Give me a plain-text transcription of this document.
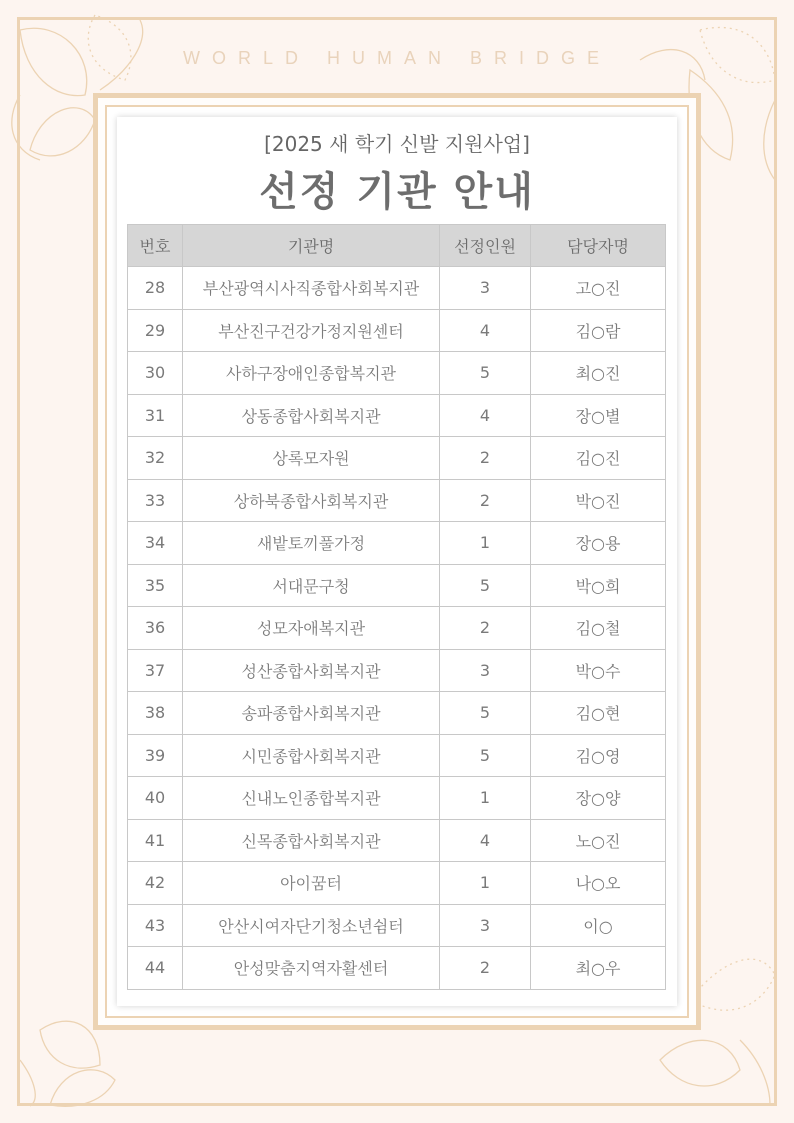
WORLD HUMAN BRIDGE
[2025 새 학기 신발 지원사업]
선정 기관 안내
번호	기관명	선정인원	담당자명
28	부산광역시사직종합사회복지관	3	고○진
29	부산진구건강가정지원센터	4	김○람
30	사하구장애인종합복지관	5	최○진
31	상동종합사회복지관	4	장○별
32	상록모자원	2	김○진
33	상하북종합사회복지관	2	박○진
34	새밭토끼풀가정	1	장○용
35	서대문구청	5	박○희
36	성모자애복지관	2	김○철
37	성산종합사회복지관	3	박○수
38	송파종합사회복지관	5	김○현
39	시민종합사회복지관	5	김○영
40	신내노인종합복지관	1	장○양
41	신목종합사회복지관	4	노○진
42	아이꿈터	1	나○오
43	안산시여자단기청소년쉼터	3	이○
44	안성맞춤지역자활센터	2	최○우
